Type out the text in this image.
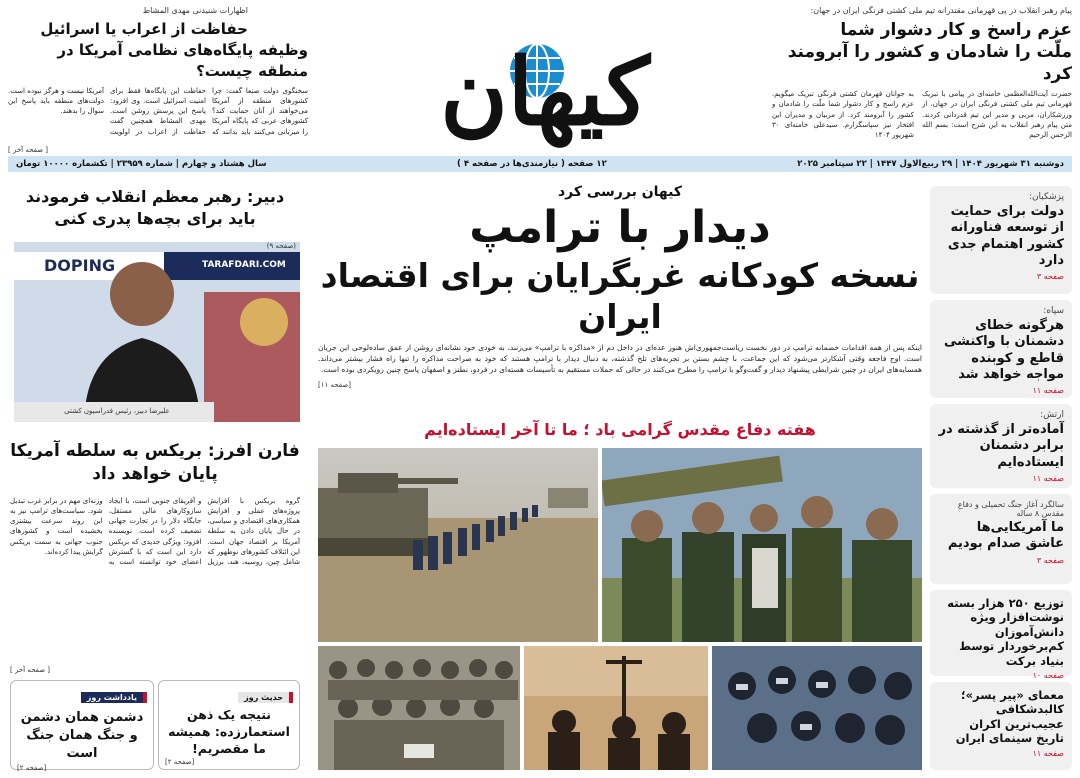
پیام رهبر انقلاب در پی قهرمانی مقتدرانه تیم ملی کشتی فرنگی ایران در جهان:
عزم راسخ و کار دشوار شما
ملّت را شادمان و کشور را آبرومند کرد
حضرت آیت‌الله‌العظمی خامنه‌ای در پیامی با تبریک قهرمانی تیم ملی کشتی فرنگی ایران در جهان، از ورزشکاران، مربی و مدیر این تیم قدردانی کردند. متن پیام رهبر انقلاب به این شرح است: بسم الله الرحمن الرحیم
به جوانان قهرمان کشتی فرنگی تبریک میگویم. عزم راسخ و کار دشوار شما ملّت را شادمان و کشور را آبرومند کرد. از مربیان و مدیران این افتخار نیز سپاسگزارم. سیدعلی خامنه‌ای ۳۰ شهریور ۱۴۰۴
کیهان
اظهارات شنیدنی مهدی المشاط
حفاظت از اعراب یا اسرائیل
وظیفه پایگاه‌های نظامی آمریکا در منطقه چیست؟
سخنگوی دولت صنعا گفت: چرا کشورهای منطقه از آمریکا می‌خواهند از آنان حمایت کند؟ کشورهای عربی که پایگاه آمریکا را میزبانی می‌کنند باید بدانند که حفاظت این پایگاه‌ها فقط برای امنیت اسرائیل است. وی افزود: پاسخ این پرسش روشن است. مهدی المشاط همچنین گفت حفاظت از اعراب در اولویت آمریکا نیست و هرگز نبوده است. دولت‌های منطقه باید پاسخ این سوال را بدهند.
[ صفحه آخر ]
دوشنبه ۳۱ شهریور ۱۴۰۴ | ۲۹ ربیع‌الاول ۱۴۴۷ | ۲۲ سپتامبر ۲۰۲۵
۱۲ صفحه ( نیازمندی‌ها در صفحه ۴ )
سال هشتاد و چهارم | شماره ۲۳۹۵۹ | تکشماره ۱۰۰۰۰ تومان
پزشکیان:
دولت برای حمایت از توسعه فناورانه کشور اهتمام جدی دارد
صفحه ۳
سپاه:
هرگونه خطای دشمنان با واکنشی قاطع و کوبنده مواجه خواهد شد
صفحه ۱۱
ارتش:
آماده‌تر از گذشته در برابر دشمنان ایستاده‌ایم
صفحه ۱۱
سالگرد آغاز جنگ تحمیلی و دفاع مقدس ۸ ساله
ما آمریکایی‌ها عاشق صدام بودیم
صفحه ۳
توزیع ۲۵۰ هزار بسته نوشت‌افزار ویژه دانش‌آموزان کم‌برخوردار توسط بنیاد برکت
صفحه ۱۰
معمای «پیر پسر»؛ کالبدشکافی عجیب‌ترین اکران تاریخ سینمای ایران
صفحه ۱۱
کیهان بررسی کرد
دیدار با ترامپ
نسخه کودکانه غربگرایان برای اقتصاد ایران
اینکه پس از همه اقدامات خصمانه ترامپ در دور نخست ریاست‌جمهوری‌اش هنوز عده‌ای در داخل دم از «مذاکره با ترامپ» می‌زنند، به خودی خود نشانه‌ای روشن از عمق ساده‌لوحی این جریان است. اوج فاجعه وقتی آشکارتر می‌شود که این جماعت، با چشم بستن بر تجربه‌های تلخ گذشته، به دنبال دیدار با ترامپ هستند که خود به صراحت مذاکره را تنها راه فشار بیشتر می‌داند. همسایه‌های ایران در چنین شرایطی پیشنهاد دیدار و گفت‌وگو با ترامپ را مطرح می‌کنند در حالی که حملات مستقیم به تأسیسات هسته‌ای در فردو، نطنز و اصفهان پاسخ چنین رویکردی بوده است.
[صفحه ۱۱]
هفته دفاع مقدس گرامی باد ؛ ما تا آخر ایستاده‌ایم
دبیر: رهبر معظم انقلاب فرمودند باید برای بچه‌ها پدری کنی
DOPING	TARAFDARI.COM
(صفحه ۹)
علیرضا دبیر، رئیس فدراسیون کشتی
فارن افرز: بریکس به سلطه آمریکا پایان خواهد داد
گروه بریکس با افزایش پروژه‌های عملی و افزایش همکاری‌های اقتصادی و سیاسی، در حال پایان دادن به سلطه آمریکا بر اقتصاد جهان است. این ائتلاف کشورهای نوظهور که شامل چین، روسیه، هند، برزیل و آفریقای جنوبی است، با ایجاد سازوکارهای مالی مستقل، جایگاه دلار را در تجارت جهانی تضعیف کرده است. نویسنده افزود: ویژگی جدیدی که بریکس دارد این است که با گسترش اعضای خود توانسته است به وزنه‌ای مهم در برابر غرب تبدیل شود. سیاست‌های ترامپ نیز به این روند سرعت بیشتری بخشیده است و کشورهای جنوب جهانی به سمت بریکس گرایش پیدا کرده‌اند.
[ صفحه آخر ]
حدیث روز
نتیجه یک ذهن استعمارزده: همیشه ما مقصریم!
[صفحه ۲]
یادداشت روز
دشمن همان دشمن و جنگ همان جنگ است
[صفحه ۲]
